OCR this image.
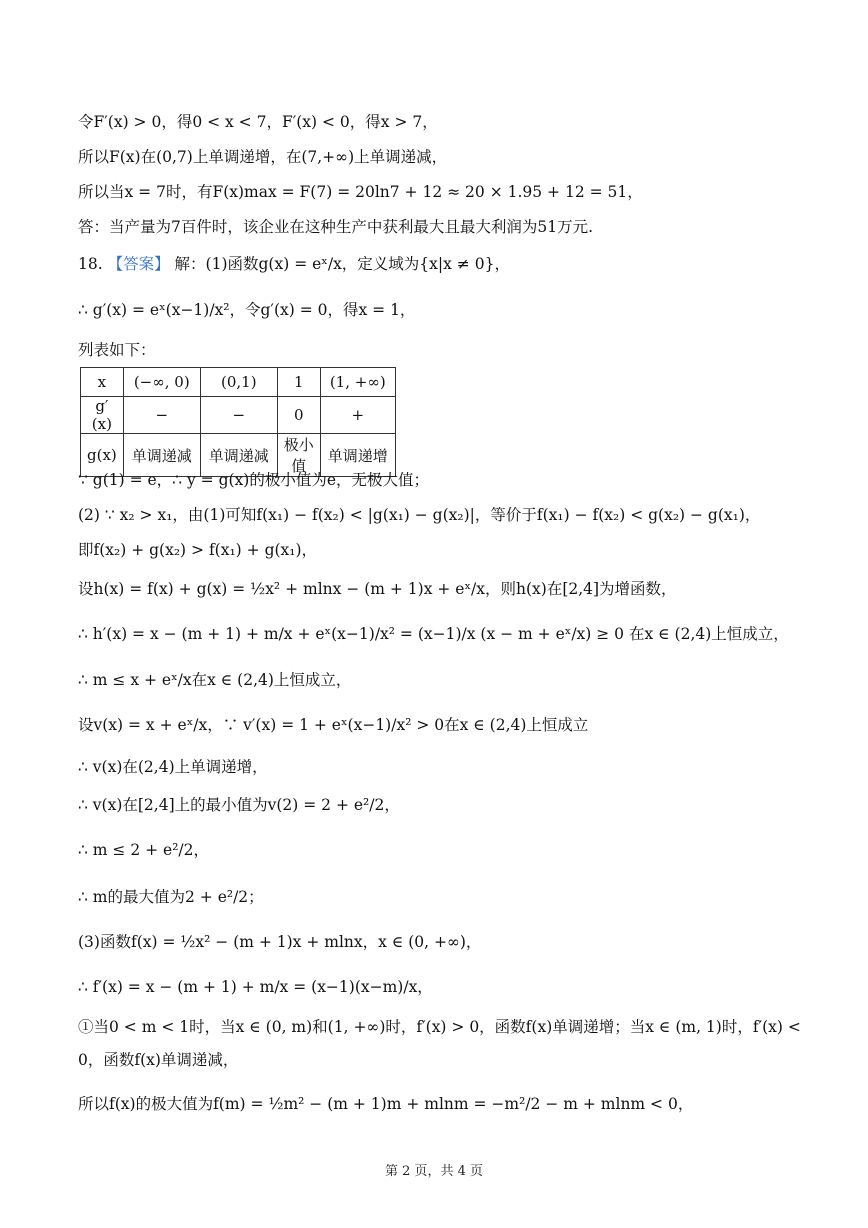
令F′(x) > 0，得0 < x < 7，F′(x) < 0，得x > 7，
所以F(x)在(0,7)上单调递增，在(7,+∞)上单调递减，
所以当x = 7时，有F(x)max = F(7) = 20ln7 + 12 ≈ 20 × 1.95 + 12 = 51，
答：当产量为7百件时，该企业在这种生产中获利最大且最大利润为51万元.
18. 【答案】 解：(1)函数g(x) = eˣ/x，定义域为{x|x ≠ 0}，
∴ g′(x) = eˣ(x−1)/x²，令g′(x) = 0，得x = 1，
列表如下：
x	(−∞, 0)	(0,1)	1	(1, +∞)
g′(x)	−	−	0	+
g(x)	单调递减	单调递减	极小值	单调递增
∵ g(1) = e，∴ y = g(x)的极小值为e，无极大值；
(2) ∵ x₂ > x₁，由(1)可知f(x₁) − f(x₂) < |g(x₁) − g(x₂)|，等价于f(x₁) − f(x₂) < g(x₂) − g(x₁)，
即f(x₂) + g(x₂) > f(x₁) + g(x₁)，
设h(x) = f(x) + g(x) = ½x² + mlnx − (m + 1)x + eˣ/x，则h(x)在[2,4]为增函数，
∴ h′(x) = x − (m + 1) + m/x + eˣ(x−1)/x² = (x−1)/x (x − m + eˣ/x) ≥ 0 在x ∈ (2,4)上恒成立，
∴ m ≤ x + eˣ/x在x ∈ (2,4)上恒成立，
设v(x) = x + eˣ/x，∵ v′(x) = 1 + eˣ(x−1)/x² > 0在x ∈ (2,4)上恒成立
∴ v(x)在(2,4)上单调递增，
∴ v(x)在[2,4]上的最小值为v(2) = 2 + e²/2，
∴ m ≤ 2 + e²/2，
∴ m的最大值为2 + e²/2；
(3)函数f(x) = ½x² − (m + 1)x + mlnx，x ∈ (0, +∞)，
∴ f′(x) = x − (m + 1) + m/x = (x−1)(x−m)/x，
①当0 < m < 1时，当x ∈ (0, m)和(1, +∞)时，f′(x) > 0，函数f(x)单调递增；当x ∈ (m, 1)时，f′(x) <
0，函数f(x)单调递减，
所以f(x)的极大值为f(m) = ½m² − (m + 1)m + mlnm = −m²/2 − m + mlnm < 0，
第 2 页，共 4 页
